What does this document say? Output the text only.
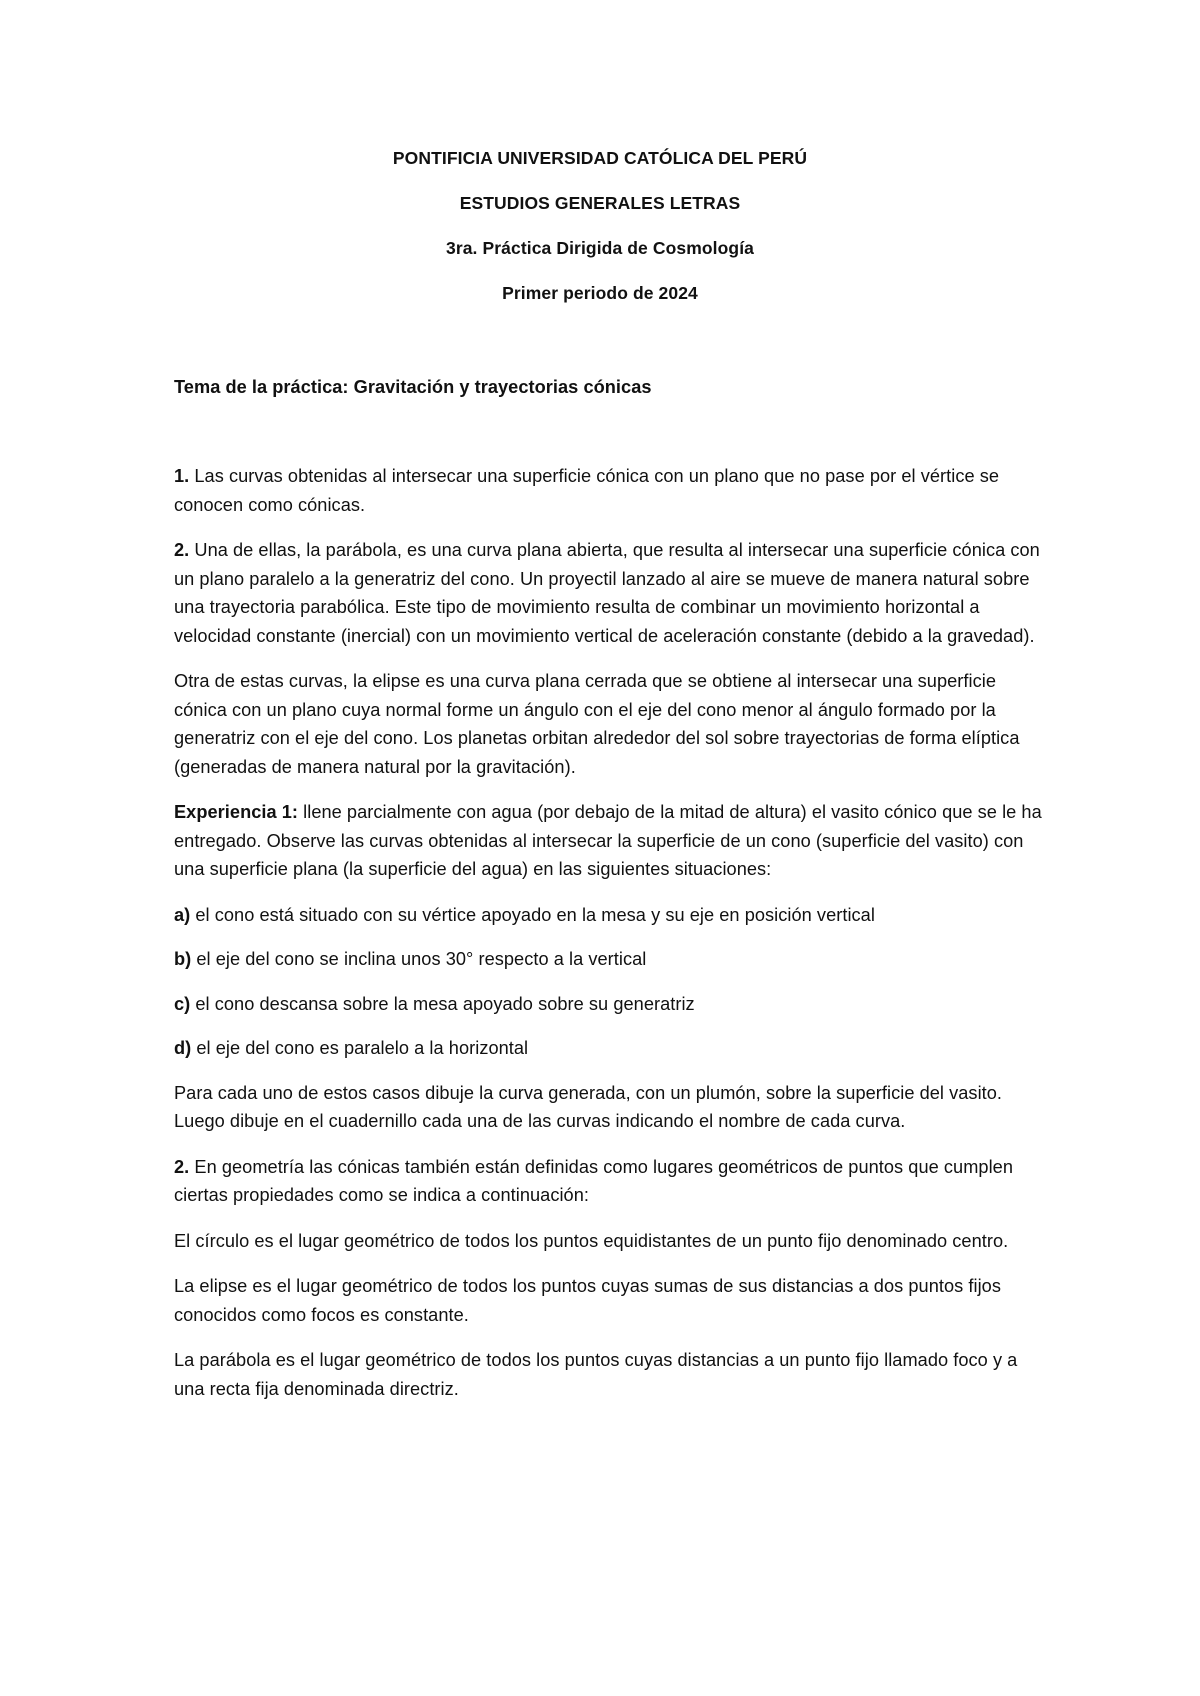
PONTIFICIA UNIVERSIDAD CATÓLICA DEL PERÚ

ESTUDIOS GENERALES LETRAS

3ra. Práctica Dirigida de Cosmología

Primer periodo de 2024

Tema de la práctica: Gravitación y trayectorias cónicas

1. Las curvas obtenidas al intersecar una superficie cónica con un plano que no pase por el vértice se conocen como cónicas.

2. Una de ellas, la parábola, es una curva plana abierta, que resulta al intersecar una superficie cónica con un plano paralelo a la generatriz del cono. Un proyectil lanzado al aire se mueve de manera natural sobre una trayectoria parabólica. Este tipo de movimiento resulta de combinar un movimiento horizontal a velocidad constante (inercial) con un movimiento vertical de aceleración constante (debido a la gravedad).

Otra de estas curvas, la elipse es una curva plana cerrada que se obtiene al intersecar una superficie cónica con un plano cuya normal forme un ángulo con el eje del cono menor al ángulo formado por la generatriz con el eje del cono. Los planetas orbitan alrededor del sol sobre trayectorias de forma elíptica (generadas de manera natural por la gravitación).

Experiencia 1: llene parcialmente con agua (por debajo de la mitad de altura) el vasito cónico que se le ha entregado. Observe las curvas obtenidas al intersecar la superficie de un cono (superficie del vasito) con una superficie plana (la superficie del agua) en las siguientes situaciones:

a) el cono está situado con su vértice apoyado en la mesa y su eje en posición vertical

b) el eje del cono se inclina unos 30° respecto a la vertical

c) el cono descansa sobre la mesa apoyado sobre su generatriz

d) el eje del cono es paralelo a la horizontal

Para cada uno de estos casos dibuje la curva generada, con un plumón, sobre la superficie del vasito. Luego dibuje en el cuadernillo cada una de las curvas indicando el nombre de cada curva.

2. En geometría las cónicas también están definidas como lugares geométricos de puntos que cumplen ciertas propiedades como se indica a continuación:

El círculo es el lugar geométrico de todos los puntos equidistantes de un punto fijo denominado centro.

La elipse es el lugar geométrico de todos los puntos cuyas sumas de sus distancias a dos puntos fijos conocidos como focos es constante.

La parábola es el lugar geométrico de todos los puntos cuyas distancias a un punto fijo llamado foco y a una recta fija denominada directriz.
